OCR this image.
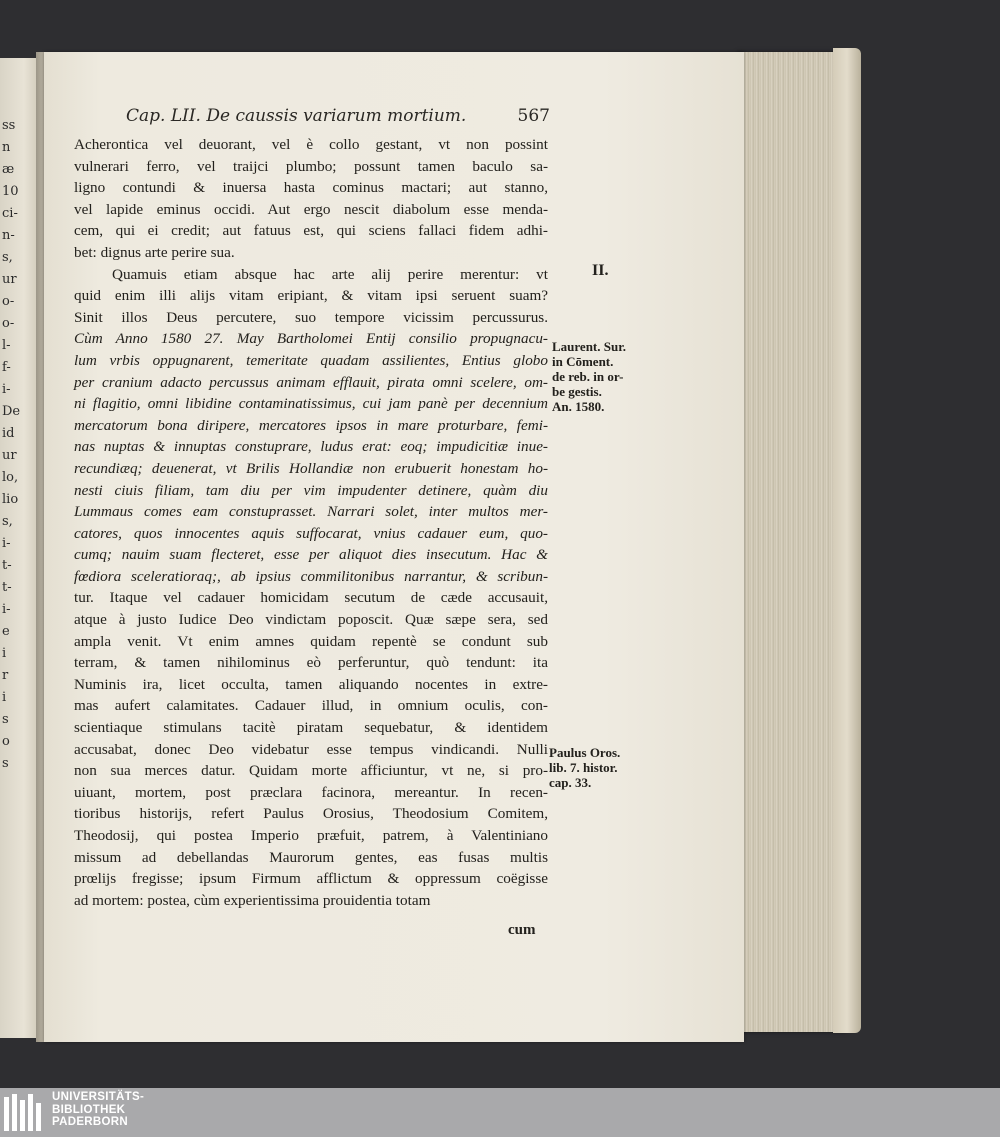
ss
n
æ
10
ci-
n-
s,
ur
o-
o-
l-
f-
i-
De
id
ur
lo,
lio
s,
i-
t-
t-
i-
e
i
r
i
s
o
s
Cap. LII. De caussis variarum mortium.	567
Acherontica vel deuorant, vel è collo gestant, vt non possint
vulnerari ferro, vel traijci plumbo; possunt tamen baculo sa-
ligno contundi & inuersa hasta cominus mactari; aut stanno,
vel lapide eminus occidi. Aut ergo nescit diabolum esse menda-
cem, qui ei credit; aut fatuus est, qui sciens fallaci fidem adhi-
bet: dignus arte perire sua.
Quamuis etiam absque hac arte alij perire merentur: vt
quid enim illi alijs vitam eripiant, & vitam ipsi seruent suam?
Sinit illos Deus percutere, suo tempore vicissim percussurus.
Cùm Anno 1580 27. May Bartholomei Entij consilio propugnacu-
lum vrbis oppugnarent, temeritate quadam assilientes, Entius globo
per cranium adacto percussus animam efflauit, pirata omni scelere, om-
ni flagitio, omni libidine contaminatissimus, cui jam panè per decennium
mercatorum bona diripere, mercatores ipsos in mare proturbare, femi-
nas nuptas & innuptas constuprare, ludus erat: eoq; impudicitiæ inue-
recundiæq; deuenerat, vt Brilis Hollandiæ non erubuerit honestam ho-
nesti ciuis filiam, tam diu per vim impudenter detinere, quàm diu
Lummaus comes eam constuprasset. Narrari solet, inter multos mer-
catores, quos innocentes aquis suffocarat, vnius cadauer eum, quo-
cumq; nauim suam flecteret, esse per aliquot dies insecutum. Hac &
fœdiora sceleratioraq;, ab ipsius commilitonibus narrantur, & scribun-
tur. Itaque vel cadauer homicidam secutum de cæde accusauit,
atque à justo Iudice Deo vindictam poposcit. Quæ sæpe sera, sed
ampla venit. Vt enim amnes quidam repentè se condunt sub
terram, & tamen nihilominus eò perferuntur, quò tendunt: ita
Numinis ira, licet occulta, tamen aliquando nocentes in extre-
mas aufert calamitates. Cadauer illud, in omnium oculis, con-
scientiaque stimulans tacitè piratam sequebatur, & identidem
accusabat, donec Deo videbatur esse tempus vindicandi. Nulli
non sua merces datur. Quidam morte afficiuntur, vt ne, si pro-
uiuant, mortem, post præclara facinora, mereantur. In recen-
tioribus historijs, refert Paulus Orosius, Theodosium Comitem,
Theodosij, qui postea Imperio præfuit, patrem, à Valentiniano
missum ad debellandas Maurorum gentes, eas fusas multis
prœlijs fregisse; ipsum Firmum afflictum & oppressum coëgisse
ad mortem: postea, cùm experientissima prouidentia totam
II.
Laurent. Sur.
in Cōment.
de reb. in or-
be gestis.
An. 1580.
Paulus Oros.
lib. 7. histor.
cap. 33.
cum
UNIVERSITÄTS-
BIBLIOTHEK
PADERBORN
